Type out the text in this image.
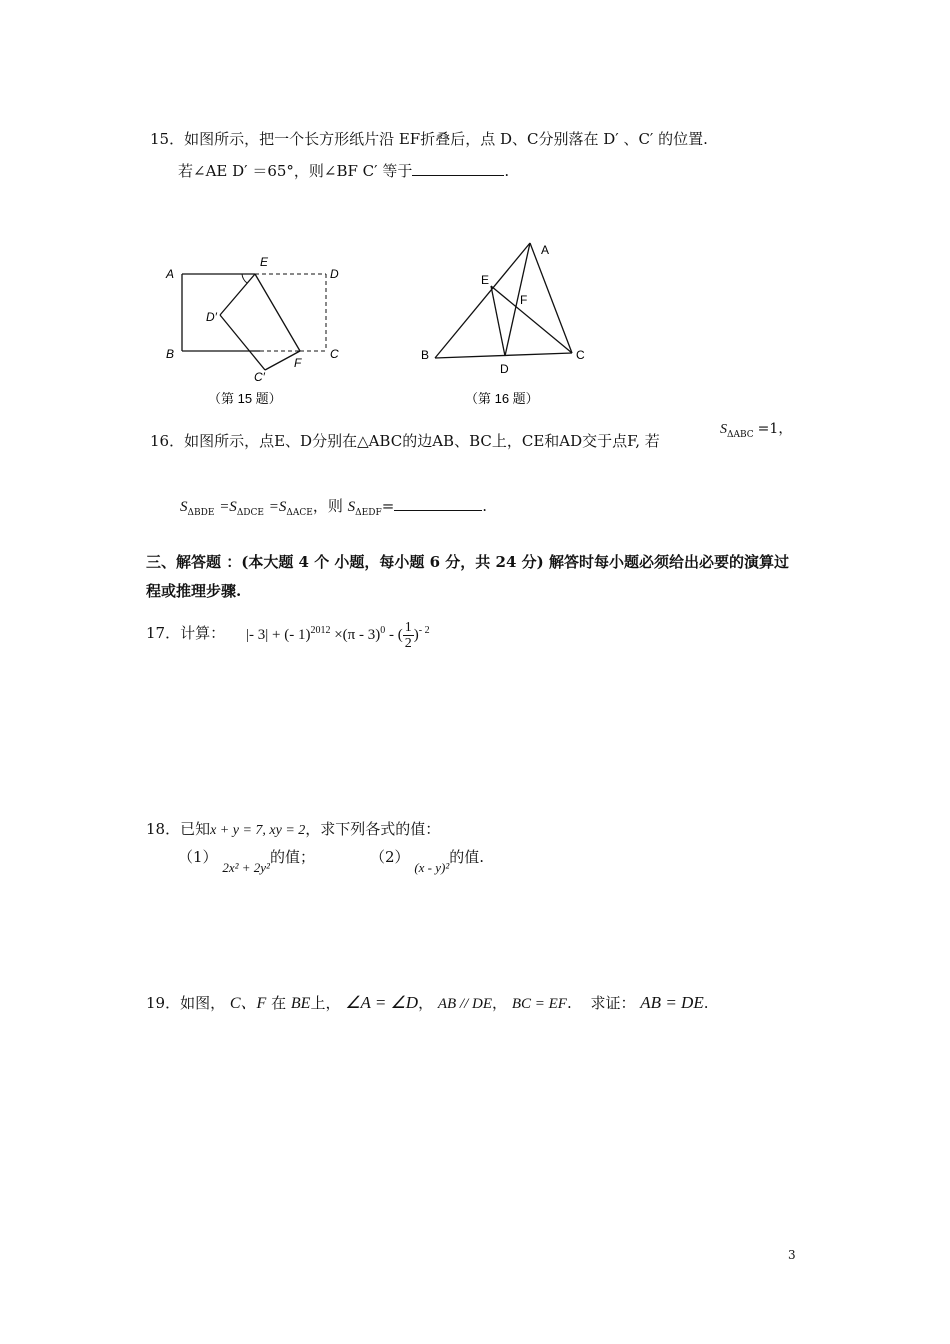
15．如图所示，把一个长方形纸片沿 EF折叠后，点 D、C分别落在 D′ 、C′ 的位置.
若∠AE D′ ＝65°，则∠BF C′ 等于	.
A
B
E
D
D′
C
C′
F
（第 15 题）
A
E
F
B
D
C
（第 16 题）
16．如图所示，点E、D分别在△ABC的边AB、BC上，CE和AD交于点F, 若
$S_{\Delta ABC} =1$，
$S_{\Delta BDE} =S_{\Delta DCE} =S_{\Delta ACE}$，则 $S_{\Delta EDF}=$	.
三、解答题 ：(本大题 4 个 小题，每小题 6 分，共 24 分) 解答时每小题必须给出必要的演算过
程或推理步骤.
17．计算： |- 3| + (- 1)$^{2012}$ ×(π - 3)$^0$ - ( $\frac{1}{2} )^{- 2}$
18．已知x + y = 7, xy = 2，求下列各式的值：
（1） 2x² + 2y²的值；	（2） (x - y)²的值.
19．如图， C、F 在 BE上， ∠A = ∠D， AB // DE， BC = EF. 求证： AB = DE.
3
